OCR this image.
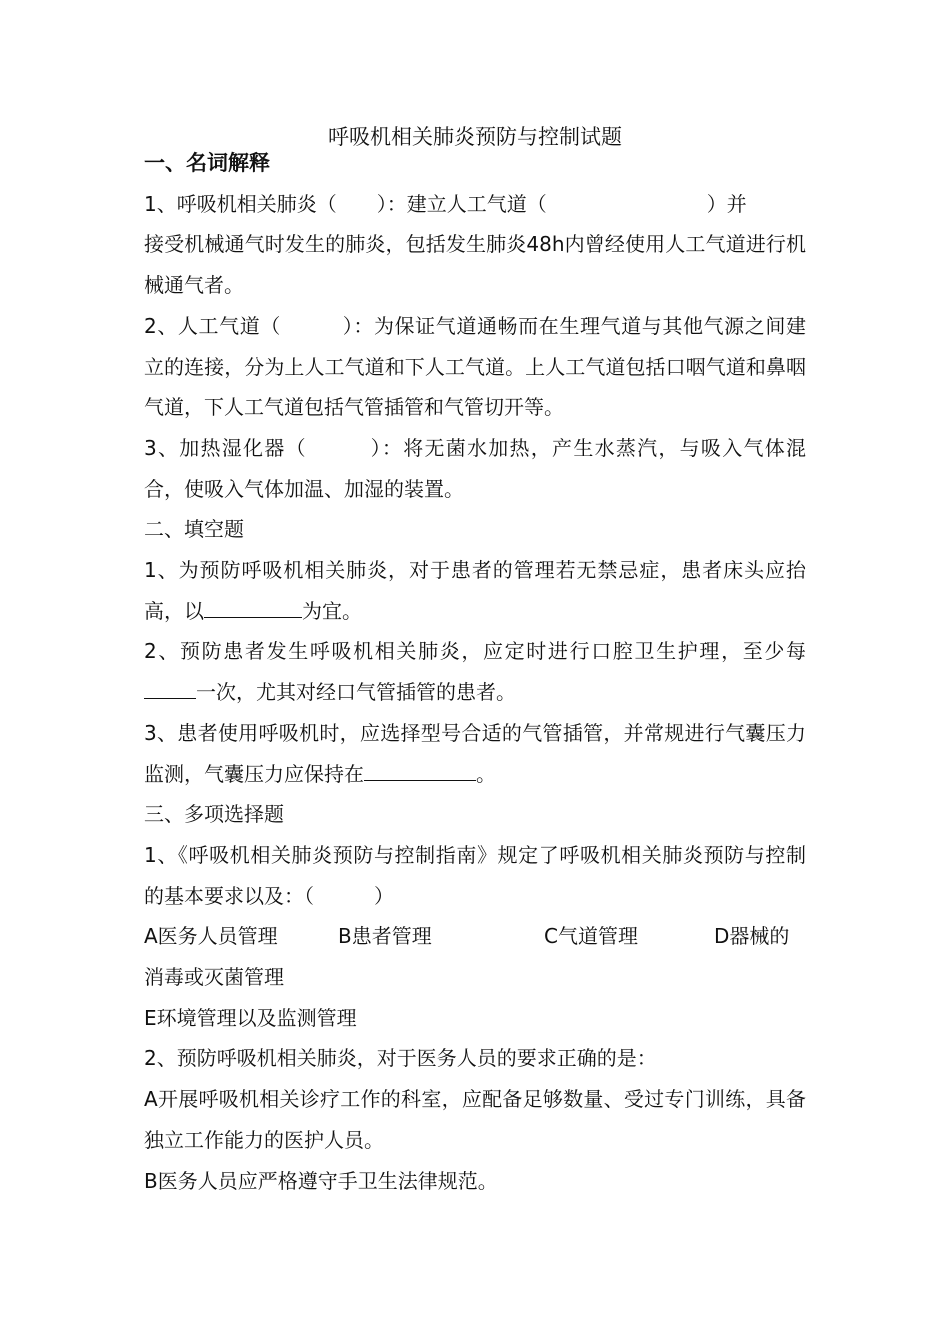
呼吸机相关肺炎预防与控制试题

一、名词解释

1、呼吸机相关肺炎（　　）：建立人工气道（　　　　　　　　）并

接受机械通气时发生的肺炎，包括发生肺炎48h内曾经使用人工气道进行机械通气者。

2、人工气道（　　　）：为保证气道通畅而在生理气道与其他气源之间建立的连接，分为上人工气道和下人工气道。上人工气道包括口咽气道和鼻咽气道，下人工气道包括气管插管和气管切开等。

3、加热湿化器（　　　）：将无菌水加热，产生水蒸汽，与吸入气体混合，使吸入气体加温、加湿的装置。

二、填空题

1、为预防呼吸机相关肺炎，对于患者的管理若无禁忌症，患者床头应抬高，以	为宜。

2、预防患者发生呼吸机相关肺炎，应定时进行口腔卫生护理，至少每一次，尤其对经口气管插管的患者。

3、患者使用呼吸机时，应选择型号合适的气管插管，并常规进行气囊压力监测，气囊压力应保持在	。

三、多项选择题

1、《呼吸机相关肺炎预防与控制指南》规定了呼吸机相关肺炎预防与控制的基本要求以及：（　　　）

A医务人员管理	B患者管理	C气道管理	D器械的

消毒或灭菌管理

E环境管理以及监测管理

2、预防呼吸机相关肺炎，对于医务人员的要求正确的是：

A开展呼吸机相关诊疗工作的科室，应配备足够数量、受过专门训练，具备独立工作能力的医护人员。

B医务人员应严格遵守手卫生法律规范。
